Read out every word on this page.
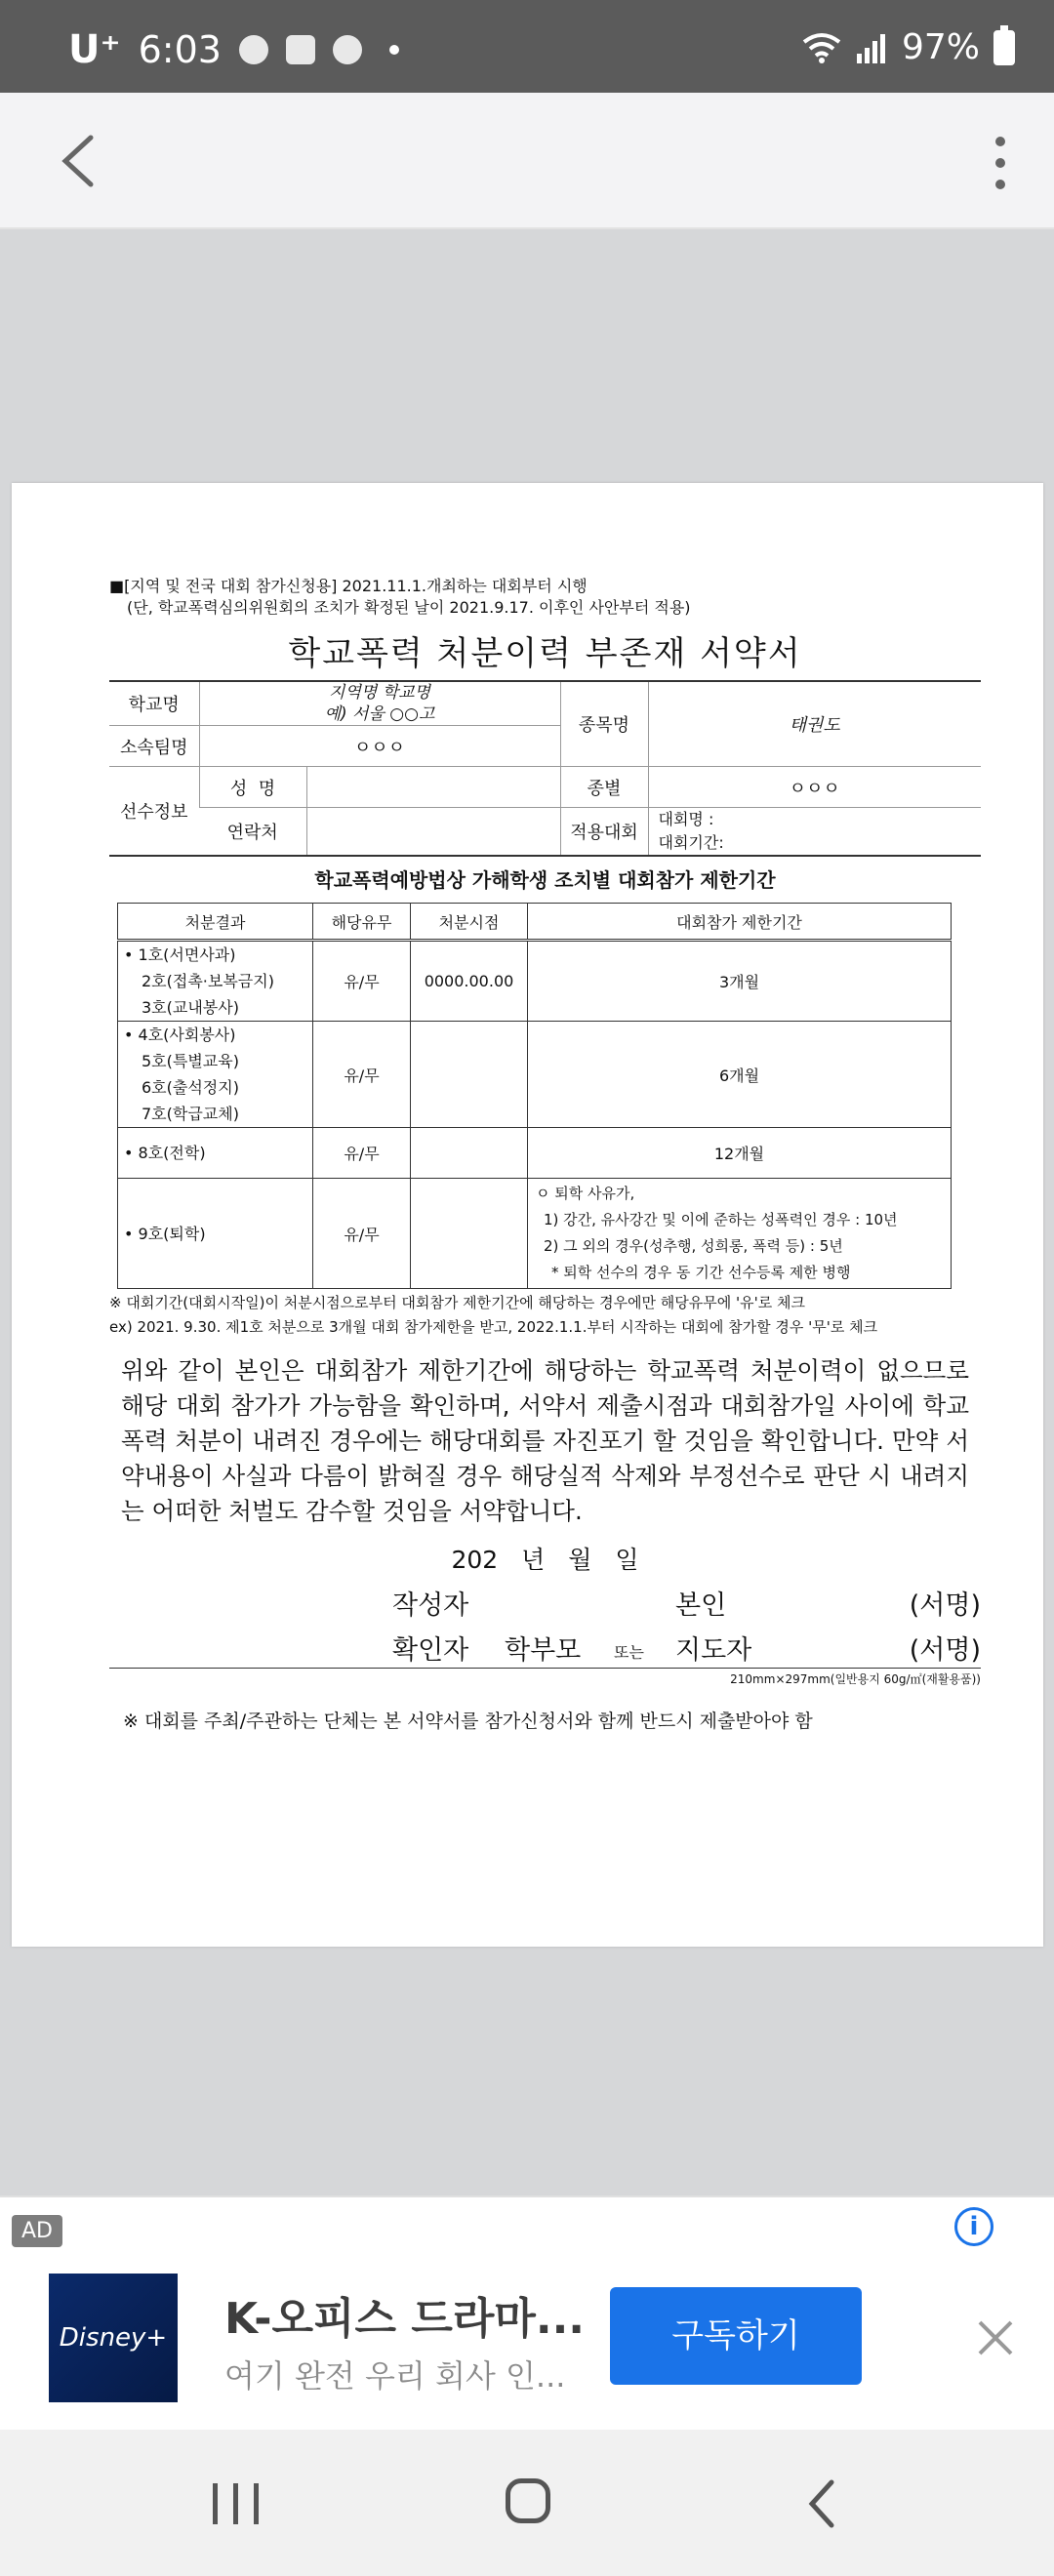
U⁺ 6:03	97%
■[지역 및 전국 대회 참가신청용] 2021.11.1.개최하는 대회부터 시행
(단, 학교폭력심의위원회의 조치가 확정된 날이 2021.9.17. 이후인 사안부터 적용)
학교폭력 처분이력 부존재 서약서
학교명	지역명 학교명
예) 서울 ○○고		종목명	태권도
소속팀명	ㅇㅇㅇ			
선수정보	성  명		종별	ㅇㅇㅇ
	연락처		적용대회	대회명 :
대회기간:
학교폭력예방법상 가해학생 조치별 대회참가 제한기간
처분결과	해당유무	처분시점	대회참가 제한기간

• 1호(서면사과)
2호(접촉·보복금지)
3호(교내봉사)	유/무	0000.00.00	3개월

• 4호(사회봉사)
5호(특별교육)
6호(출석정지)
7호(학급교체)	유/무		6개월

• 8호(전학)	유/무		12개월

• 9호(퇴학)	유/무		ㅇ 퇴학 사유가,
1) 강간, 유사강간 및 이에 준하는 성폭력인 경우 : 10년
2) 그 외의 경우(성추행, 성희롱, 폭력 등) : 5년
* 퇴학 선수의 경우 동 기간 선수등록 제한 병행
※ 대회기간(대회시작일)이 처분시점으로부터 대회참가 제한기간에 해당하는 경우에만 해당유무에 '유'로 체크
ex) 2021. 9.30. 제1호 처분으로 3개월 대회 참가제한을 받고, 2022.1.1.부터 시작하는 대회에 참가할 경우 '무'로 체크
위와 같이 본인은 대회참가 제한기간에 해당하는 학교폭력 처분이력이 없으므로 해당 대회 참가가 가능함을 확인하며, 서약서 제출시점과 대회참가일 사이에 학교폭력 처분이 내려진 경우에는 해당대회를 자진포기 할 것임을 확인합니다. 만약 서약내용이 사실과 다름이 밝혀질 경우 해당실적 삭제와 부정선수로 판단 시 내려지는 어떠한 처벌도 감수할 것임을 서약합니다.
202 년 월 일
작성자	본인	(서명)
확인자 학부모 또는 지도자	(서명)
210mm×297mm(일반용지 60g/㎡(재활용품))
※ 대회를 주최/주관하는 단체는 본 서약서를 참가신청서와 함께 반드시 제출받아야 함
AD	i
Disney+ K-오피스 드라마...
여기 완전 우리 회사 인...
구독하기
